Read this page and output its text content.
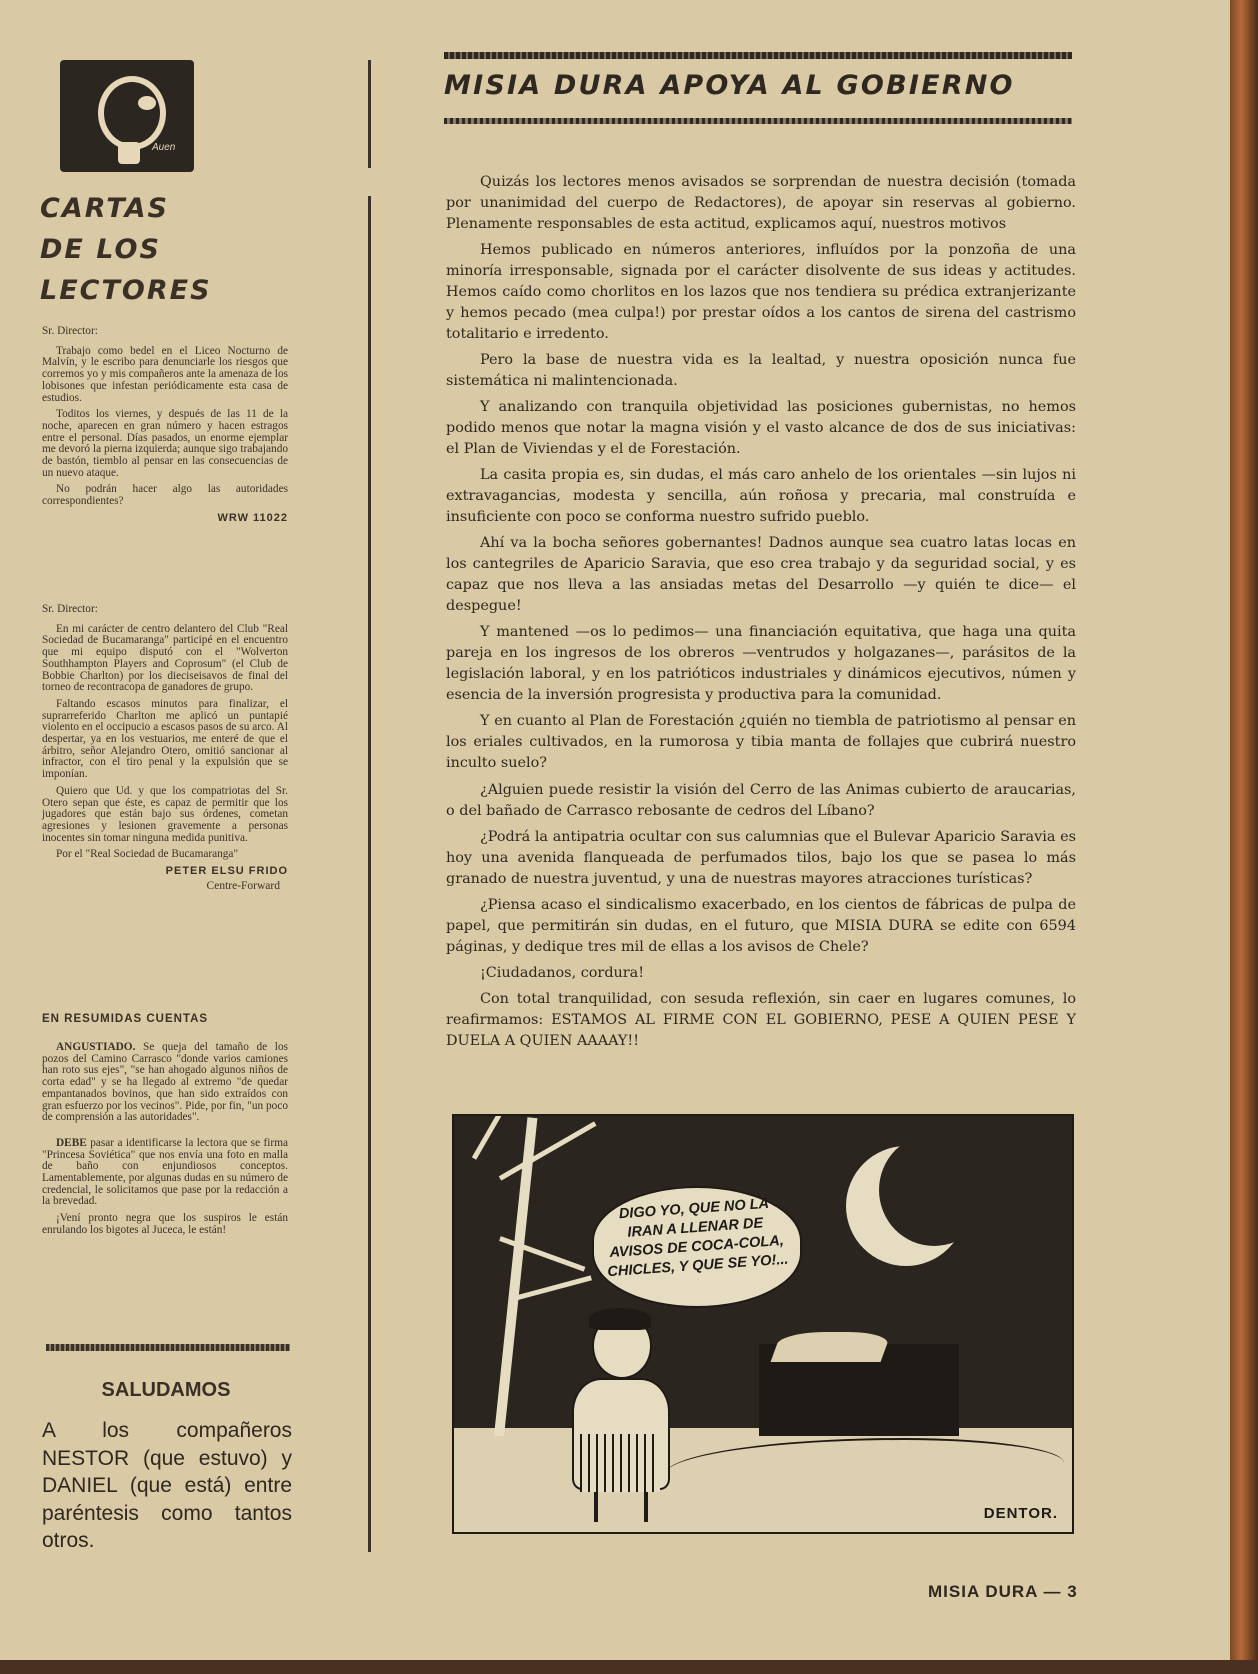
Auen
CARTAS
DE LOS
LECTORES

Sr. Director:

Trabajo como bedel en el Liceo Nocturno de Malvín, y le escribo para denunciarle los riesgos que corremos yo y mis compañeros ante la amenaza de los lobisones que infestan periódicamente esta casa de estudios.

Toditos los viernes, y después de las 11 de la noche, aparecen en gran número y hacen estragos entre el personal. Días pasados, un enorme ejemplar me devoró la pierna izquierda; aunque sigo trabajando de bastón, tiemblo al pensar en las consecuencias de un nuevo ataque.

No podrán hacer algo las autoridades correspondientes?

WRW 11022

Sr. Director:

En mi carácter de centro delantero del Club "Real Sociedad de Bucamaranga" participé en el encuentro que mi equipo disputó con el "Wolverton Southhampton Players and Coprosum" (el Club de Bobbie Charlton) por los dieciseisavos de final del torneo de recontracopa de ganadores de grupo.

Faltando escasos minutos para finalizar, el suprarreferido Charlton me aplicó un puntapié violento en el occipucio a escasos pasos de su arco. Al despertar, ya en los vestuarios, me enteré de que el árbitro, señor Alejandro Otero, omitió sancionar al infractor, con el tiro penal y la expulsión que se imponían.

Quiero que Ud. y que los compatriotas del Sr. Otero sepan que éste, es capaz de permitir que los jugadores que están bajo sus órdenes, cometan agresiones y lesionen gravemente a personas inocentes sin tomar ninguna medida punitiva.

Por el "Real Sociedad de Bucamaranga"

PETER ELSU FRIDO
Centre-Forward
EN RESUMIDAS CUENTAS

ANGUSTIADO. Se queja del tamaño de los pozos del Camino Carrasco "donde varios camiones han roto sus ejes", "se han ahogado algunos niños de corta edad" y se ha llegado al extremo "de quedar empantanados bovinos, que han sido extraídos con gran esfuerzo por los vecinos". Pide, por fin, "un poco de comprensión a las autoridades".

DEBE pasar a identificarse la lectora que se firma "Princesa Soviética" que nos envía una foto en malla de baño con enjundiosos conceptos. Lamentablemente, por algunas dudas en su número de credencial, le solicitamos que pase por la redacción a la brevedad.

¡Vení pronto negra que los suspiros le están enrulando los bigotes al Juceca, le están!

SALUDAMOS
A los compañeros NESTOR (que estuvo) y DANIEL (que está) entre paréntesis como tantos otros.
MISIA DURA APOYA AL GOBIERNO

Quizás los lectores menos avisados se sorprendan de nuestra decisión (tomada por unanimidad del cuerpo de Redactores), de apoyar sin reservas al gobierno. Plenamente responsables de esta actitud, explicamos aquí, nuestros motivos

Hemos publicado en números anteriores, influídos por la ponzoña de una minoría irresponsable, signada por el carácter disolvente de sus ideas y actitudes. Hemos caído como chorlitos en los lazos que nos tendiera su prédica extranjerizante y hemos pecado (mea culpa!) por prestar oídos a los cantos de sirena del castrismo totalitario e irredento.

Pero la base de nuestra vida es la lealtad, y nuestra oposición nunca fue sistemática ni malintencionada.

Y analizando con tranquila objetividad las posiciones gubernistas, no hemos podido menos que notar la magna visión y el vasto alcance de dos de sus iniciativas: el Plan de Viviendas y el de Forestación.

La casita propia es, sin dudas, el más caro anhelo de los orientales —sin lujos ni extravagancias, modesta y sencilla, aún roñosa y precaria, mal construída e insuficiente con poco se conforma nuestro sufrido pueblo.

Ahí va la bocha señores gobernantes! Dadnos aunque sea cuatro latas locas en los cantegriles de Aparicio Saravia, que eso crea trabajo y da seguridad social, y es capaz que nos lleva a las ansiadas metas del Desarrollo —y quién te dice— el despegue!

Y mantened —os lo pedimos— una financiación equitativa, que haga una quita pareja en los ingresos de los obreros —ventrudos y holgazanes—, parásitos de la legislación laboral, y en los patrióticos industriales y dinámicos ejecutivos, númen y esencia de la inversión progresista y productiva para la comunidad.

Y en cuanto al Plan de Forestación ¿quién no tiembla de patriotismo al pensar en los eriales cultivados, en la rumorosa y tibia manta de follajes que cubrirá nuestro inculto suelo?

¿Alguien puede resistir la visión del Cerro de las Animas cubierto de araucarias, o del bañado de Carrasco rebosante de cedros del Líbano?

¿Podrá la antipatria ocultar con sus calumnias que el Bulevar Aparicio Saravia es hoy una avenida flanqueada de perfumados tilos, bajo los que se pasea lo más granado de nuestra juventud, y una de nuestras mayores atracciones turísticas?

¿Piensa acaso el sindicalismo exacerbado, en los cientos de fábricas de pulpa de papel, que permitirán sin dudas, en el futuro, que MISIA DURA se edite con 6594 páginas, y dedique tres mil de ellas a los avisos de Chele?

¡Ciudadanos, cordura!

Con total tranquilidad, con sesuda reflexión, sin caer en lugares comunes, lo reafirmamos: ESTAMOS AL FIRME CON EL GOBIERNO, PESE A QUIEN PESE Y DUELA A QUIEN AAAAY!!

DIGO YO, QUE NO LA IRAN A LLENAR DE AVISOS DE COCA-COLA, CHICLES, Y QUE SE YO!...
DENTOR.
MISIA DURA — 3
